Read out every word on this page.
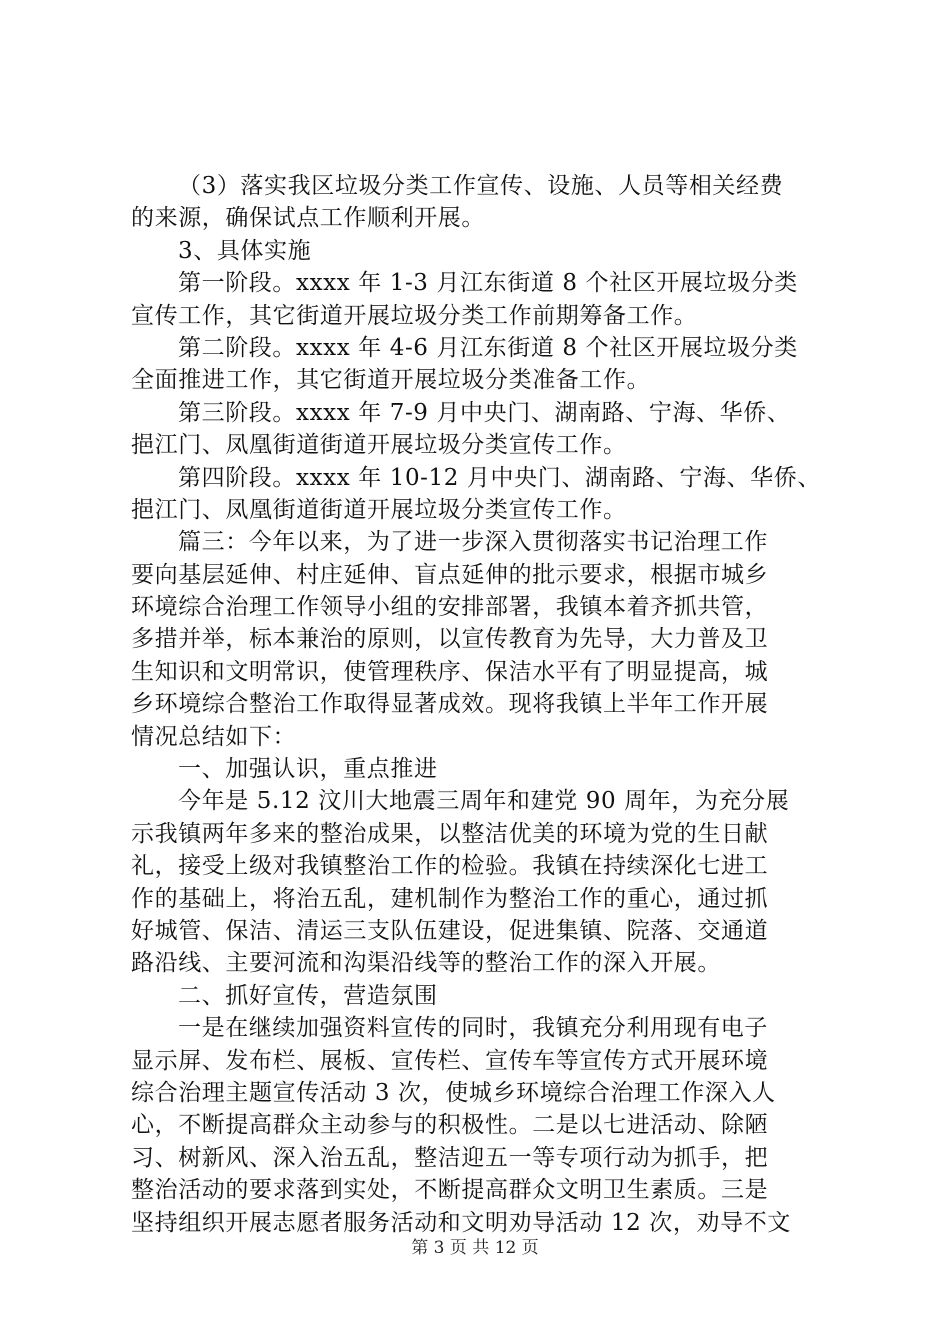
（3）落实我区垃圾分类工作宣传、设施、人员等相关经费
的来源，确保试点工作顺利开展。
3、具体实施
第一阶段。xxxx 年 1-3 月江东街道 8 个社区开展垃圾分类
宣传工作，其它街道开展垃圾分类工作前期筹备工作。
第二阶段。xxxx 年 4-6 月江东街道 8 个社区开展垃圾分类
全面推进工作，其它街道开展垃圾分类准备工作。
第三阶段。xxxx 年 7-9 月中央门、湖南路、宁海、华侨、
挹江门、凤凰街道街道开展垃圾分类宣传工作。
第四阶段。xxxx 年 10-12 月中央门、湖南路、宁海、华侨、
挹江门、凤凰街道街道开展垃圾分类宣传工作。
篇三：今年以来，为了进一步深入贯彻落实书记治理工作
要向基层延伸、村庄延伸、盲点延伸的批示要求，根据市城乡
环境综合治理工作领导小组的安排部署，我镇本着齐抓共管，
多措并举，标本兼治的原则，以宣传教育为先导，大力普及卫
生知识和文明常识，使管理秩序、保洁水平有了明显提高，城
乡环境综合整治工作取得显著成效。现将我镇上半年工作开展
情况总结如下：
一、加强认识，重点推进
今年是 5.12 汶川大地震三周年和建党 90 周年，为充分展
示我镇两年多来的整治成果，以整洁优美的环境为党的生日献
礼，接受上级对我镇整治工作的检验。我镇在持续深化七进工
作的基础上，将治五乱，建机制作为整治工作的重心，通过抓
好城管、保洁、清运三支队伍建设，促进集镇、院落、交通道
路沿线、主要河流和沟渠沿线等的整治工作的深入开展。
二、抓好宣传，营造氛围
一是在继续加强资料宣传的同时，我镇充分利用现有电子
显示屏、发布栏、展板、宣传栏、宣传车等宣传方式开展环境
综合治理主题宣传活动 3 次，使城乡环境综合治理工作深入人
心，不断提高群众主动参与的积极性。二是以七进活动、除陋
习、树新风、深入治五乱，整洁迎五一等专项行动为抓手，把
整治活动的要求落到实处，不断提高群众文明卫生素质。三是
坚持组织开展志愿者服务活动和文明劝导活动 12 次，劝导不文
第 3 页 共 12 页
